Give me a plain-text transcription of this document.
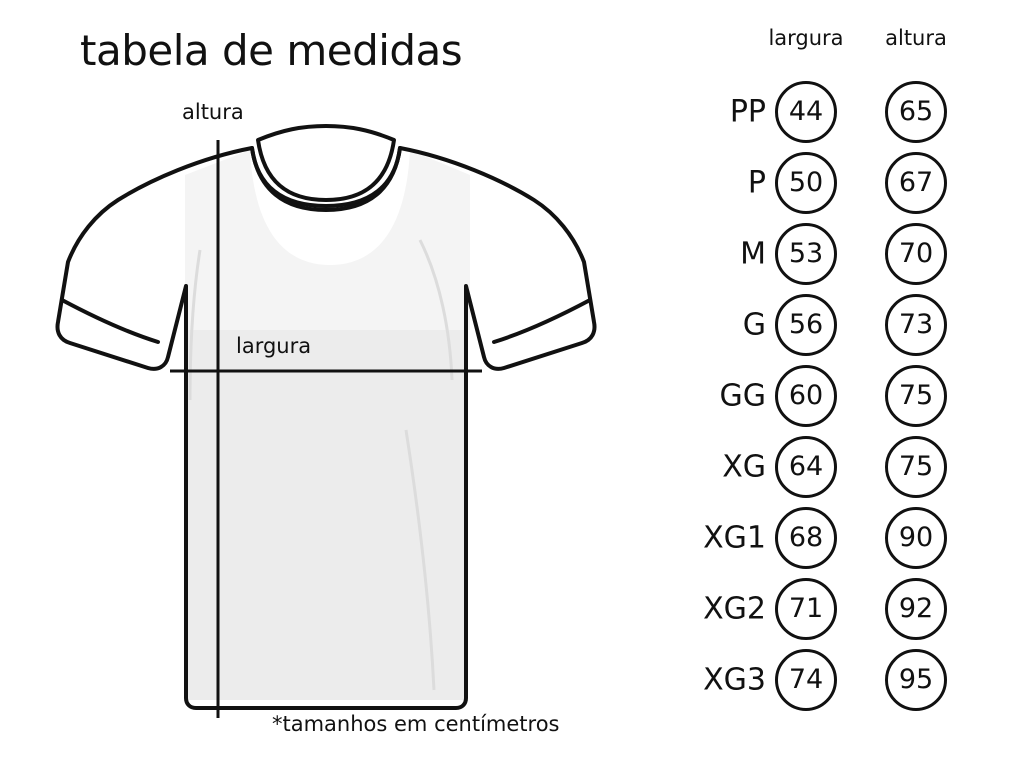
tabela de medidas
altura
largura
*tamanhos em centímetros
largura	altura
PP 44	65
P 50	67
M 53	70
G 56	73
GG 60	75
XG 64	75
XG1 68	90
XG2 71	92
XG3 74	95
